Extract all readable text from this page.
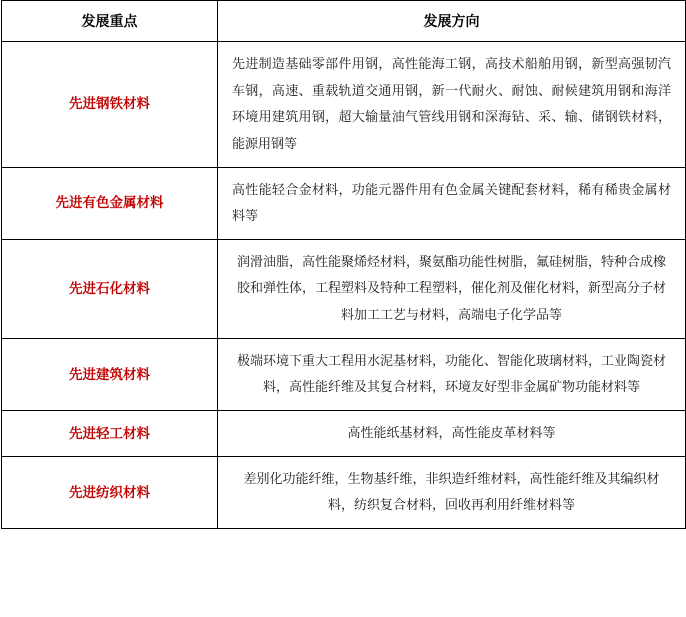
发展重点	发展方向
先进钢铁材料	先进制造基础零部件用钢，高性能海工钢，高技术船舶用钢，新型高强韧汽车钢，高速、重载轨道交通用钢，新一代耐火、耐蚀、耐候建筑用钢和海洋环境用建筑用钢，超大输量油气管线用钢和深海钻、采、输、储钢铁材料，能源用钢等
先进有色金属材料	高性能轻合金材料，功能元器件用有色金属关键配套材料，稀有稀贵金属材料等
先进石化材料	润滑油脂，高性能聚烯烃材料，聚氨酯功能性树脂，氟硅树脂，特种合成橡胶和弹性体，工程塑料及特种工程塑料，催化剂及催化材料，新型高分子材料加工工艺与材料，高端电子化学品等
先进建筑材料	极端环境下重大工程用水泥基材料，功能化、智能化玻璃材料，工业陶瓷材料，高性能纤维及其复合材料，环境友好型非金属矿物功能材料等
先进轻工材料	高性能纸基材料，高性能皮革材料等
先进纺织材料	差别化功能纤维，生物基纤维，非织造纤维材料，高性能纤维及其编织材料，纺织复合材料，回收再利用纤维材料等
